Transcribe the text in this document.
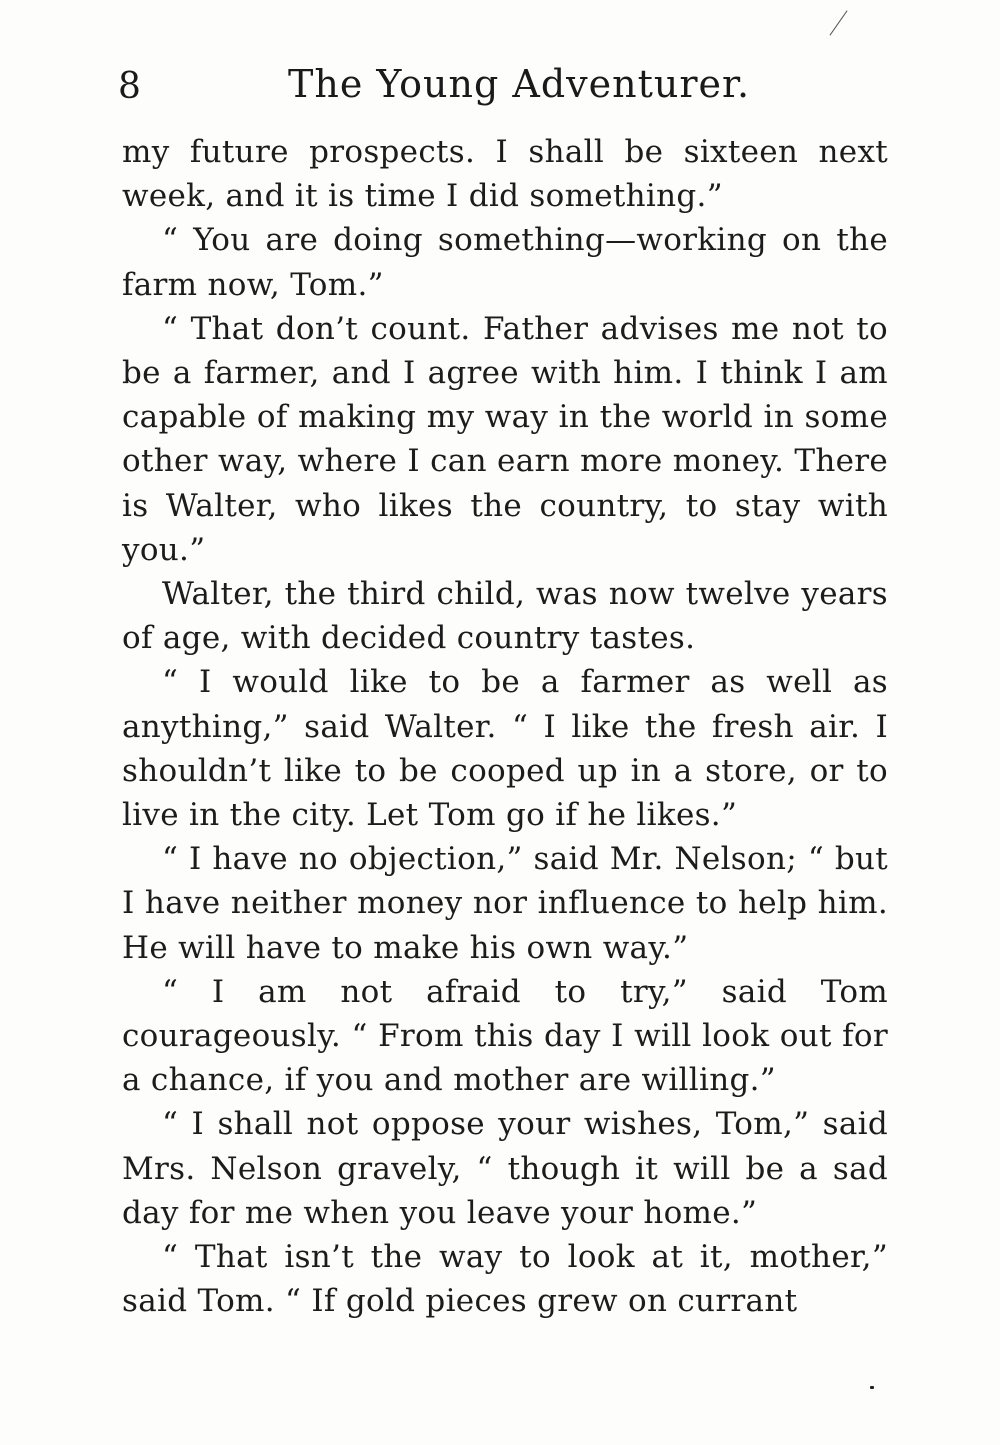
8	The Young Adventurer.

my future prospects. I shall be sixteen next week, and it is time I did something.”

“ You are doing something—working on the farm now, Tom.”

“ That don’t count. Father advises me not to be a farmer, and I agree with him. I think I am capable of making my way in the world in some other way, where I can earn more money. There is Walter, who likes the country, to stay with you.”

Walter, the third child, was now twelve years of age, with decided country tastes.

“ I would like to be a farmer as well as anything,” said Walter. “ I like the fresh air. I shouldn’t like to be cooped up in a store, or to live in the city. Let Tom go if he likes.”

“ I have no objection,” said Mr. Nelson; “ but I have neither money nor influence to help him. He will have to make his own way.”

“ I am not afraid to try,” said Tom courageously. “ From this day I will look out for a chance, if you and mother are willing.”

“ I shall not oppose your wishes, Tom,” said Mrs. Nelson gravely, “ though it will be a sad day for me when you leave your home.”

“ That isn’t the way to look at it, mother,” said Tom. “ If gold pieces grew on currant
